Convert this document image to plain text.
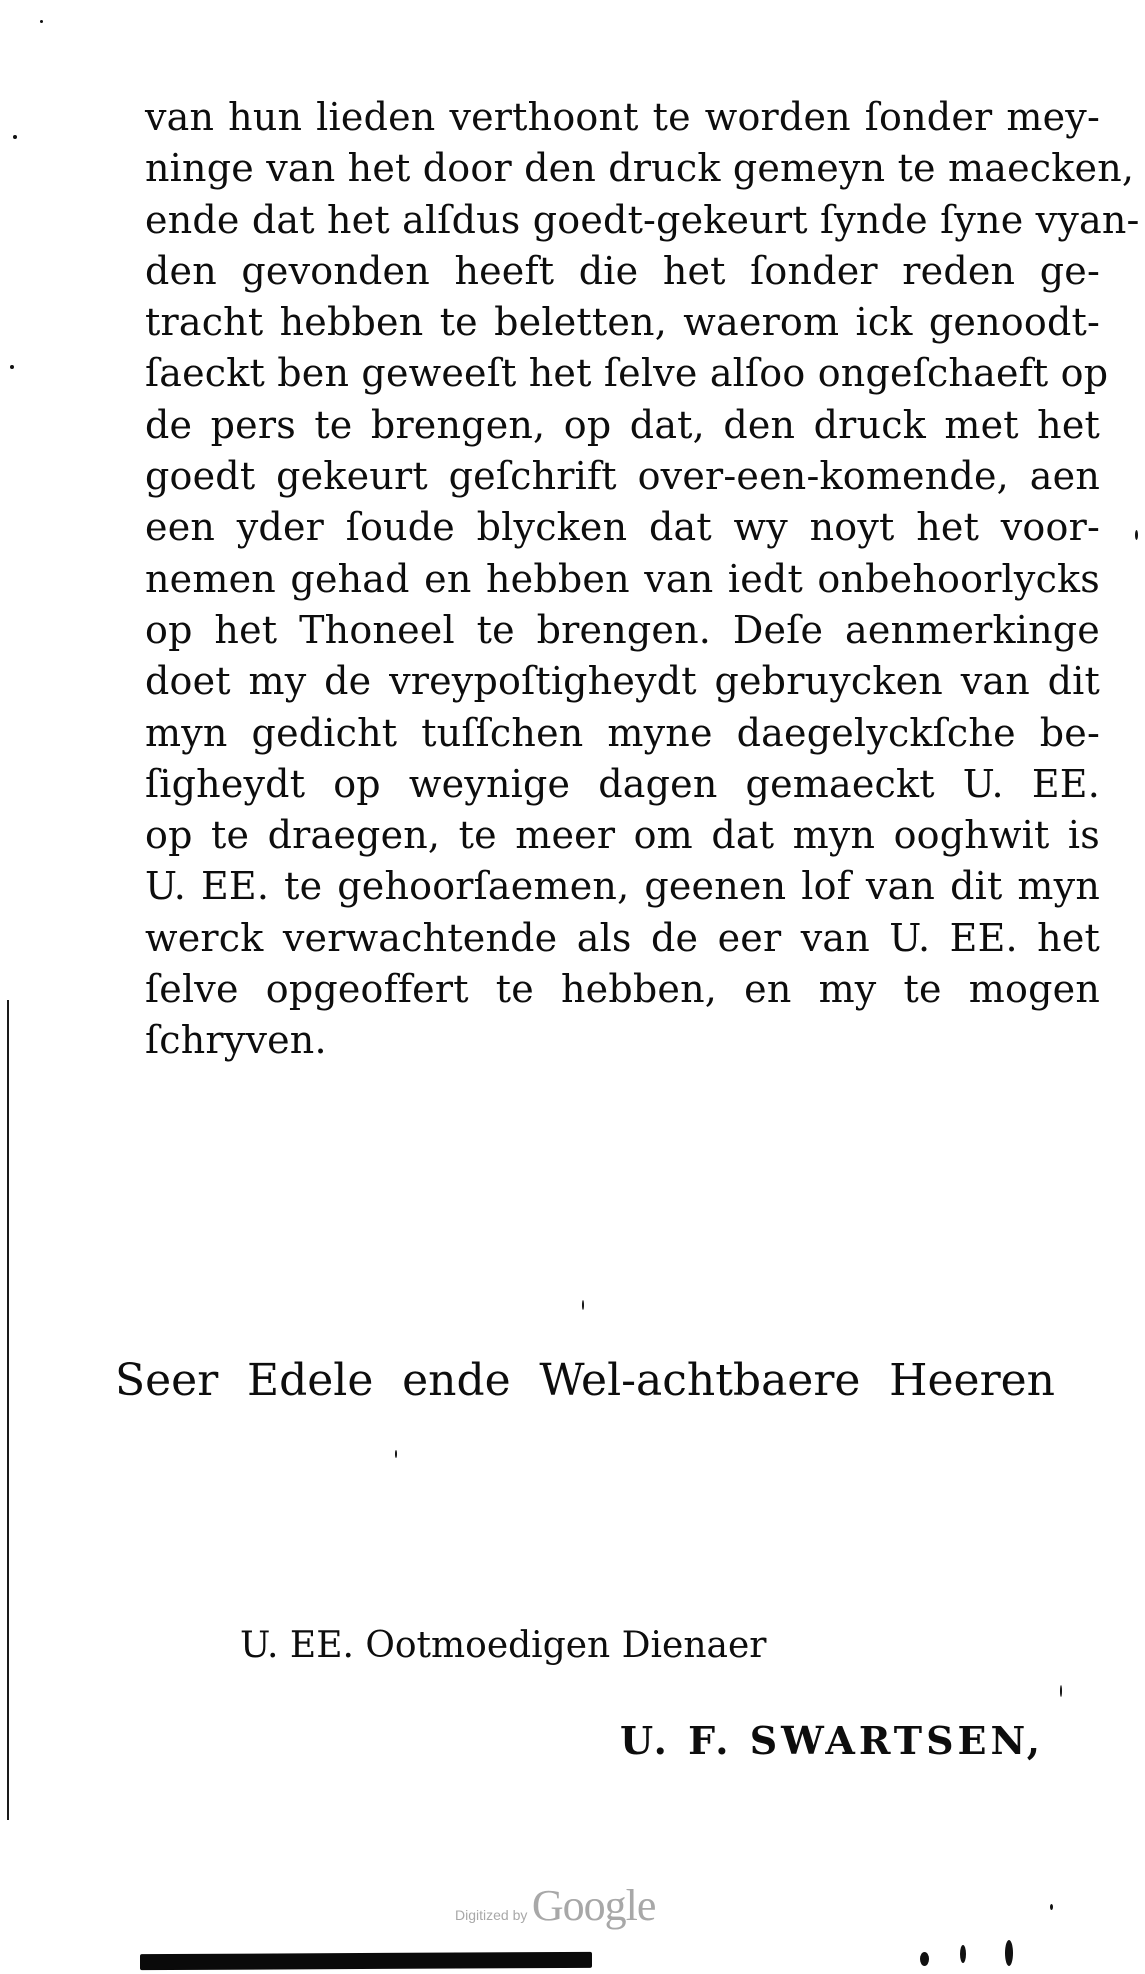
van hun lieden verthoont te worden ſonder mey-
ninge van het door den druck gemeyn te maecken,
ende dat het alſdus goedt-gekeurt ſynde ſyne vyan-
den gevonden heeft die het ſonder reden ge-
tracht hebben te beletten, waerom ick genoodt-
ſaeckt ben geweeſt het ſelve alſoo ongeſchaeft op
de pers te brengen, op dat, den druck met het
goedt gekeurt geſchrift over-een-komende, aen
een yder ſoude blycken dat wy noyt het voor-
nemen gehad en hebben van iedt onbehoorlycks
op het Thoneel te brengen. Deſe aenmerkinge
doet my de vreypoſtigheydt gebruycken van dit
myn gedicht tuſſchen myne daegelyckſche be-
ſigheydt op weynige dagen gemaeckt U. EE.
op te draegen, te meer om dat myn ooghwit is
U. EE. te gehoorſaemen, geenen lof van dit myn
werck verwachtende als de eer van U. EE. het
ſelve opgeoffert te hebben, en my te mogen
ſchryven.
Seer Edele ende Wel-achtbaere Heeren
U. EE. Ootmoedigen Dienaer
U. F. SWARTSEN,
Digitized by Google
